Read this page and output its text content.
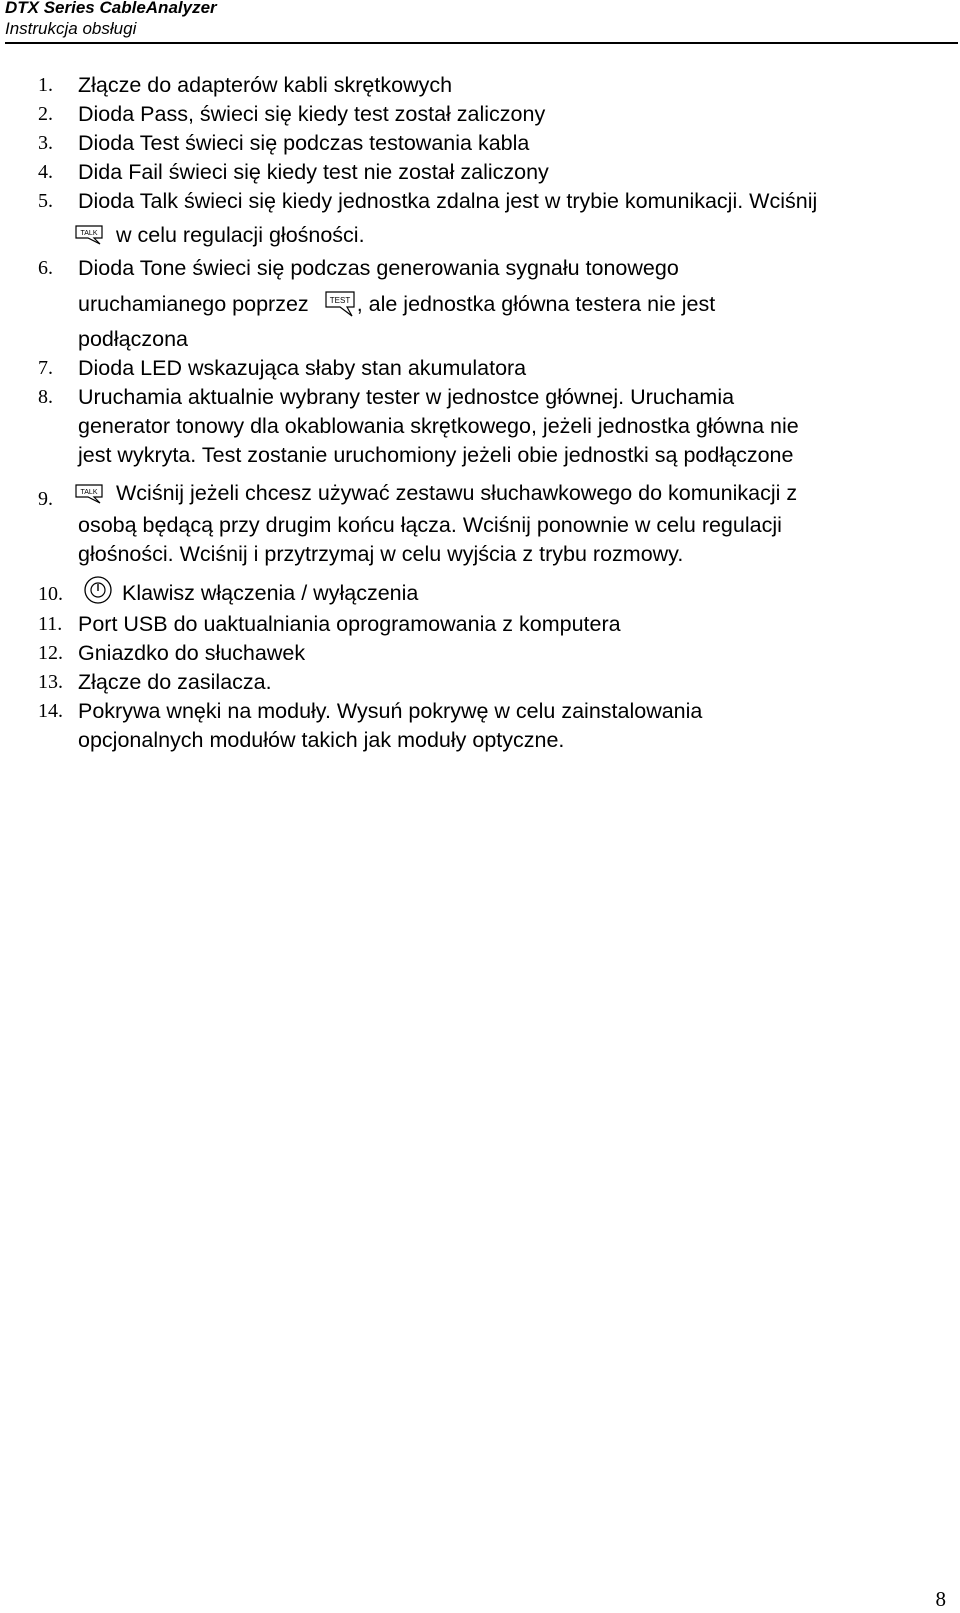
DTX Series CableAnalyzer
Instrukcja obsługi
1. Złącze do adapterów kabli skrętkowych
2. Dioda Pass, świeci się kiedy test został zaliczony
3. Dioda Test świeci się podczas testowania kabla
4. Dida Fail świeci się kiedy test nie został zaliczony
5. Dioda Talk świeci się kiedy jednostka zdalna jest w trybie komunikacji. Wciśnij
TALK w celu regulacji głośności.
6. Dioda Tone świeci się podczas generowania sygnału tonowego
uruchamianego poprzez	TEST , ale jednostka główna testera nie jest
podłączona
7. Dioda LED wskazująca słaby stan akumulatora
8. Uruchamia aktualnie wybrany tester w jednostce głównej. Uruchamia
generator tonowy dla okablowania skrętkowego, jeżeli jednostka główna nie
jest wykryta. Test zostanie uruchomiony jeżeli obie jednostki są podłączone
9.	TALK Wciśnij jeżeli chcesz używać zestawu słuchawkowego do komunikacji z
osobą będącą przy drugim końcu łącza. Wciśnij ponownie w celu regulacji
głośności. Wciśnij i przytrzymaj w celu wyjścia z trybu rozmowy.
10.	Klawisz włączenia / wyłączenia
11. Port USB do uaktualniania oprogramowania z komputera
12. Gniazdko do słuchawek
13. Złącze do zasilacza.
14. Pokrywa wnęki na moduły. Wysuń pokrywę w celu zainstalowania
opcjonalnych modułów takich jak moduły optyczne.
8
